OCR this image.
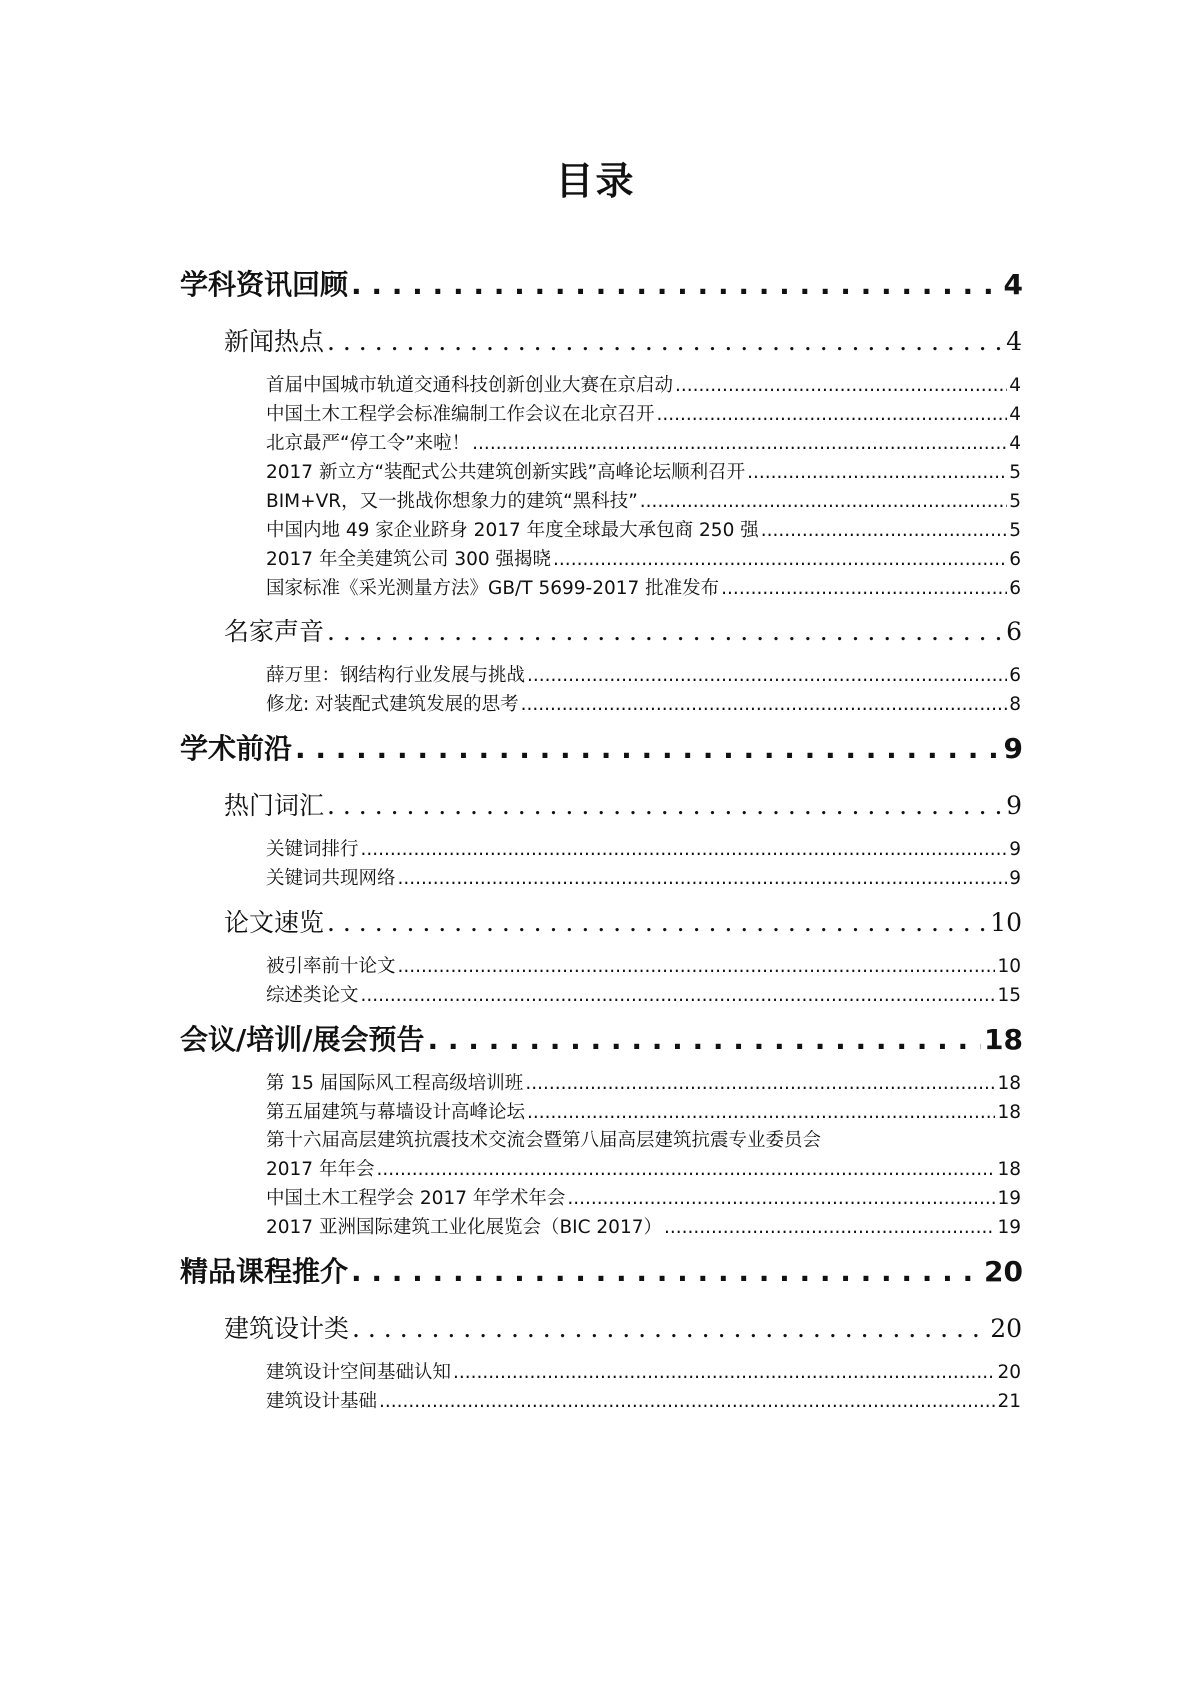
目录
学科资讯回顾 . . .	4
新闻热点 . . .	4
首届中国城市轨道交通科技创新创业大赛在京启动 .....	4
中国土木工程学会标准编制工作会议在北京召开 .....	4
北京最严“停工令”来啦！ .....	4
2017 新立方“装配式公共建筑创新实践”高峰论坛顺利召开 .....	5
BIM+VR，又一挑战你想象力的建筑“黑科技” .....	5
中国内地 49 家企业跻身 2017 年度全球最大承包商 250 强 .....	5
2017 年全美建筑公司 300 强揭晓 .....	6
国家标准《采光测量方法》GB/T 5699-2017 批准发布 .....	6
名家声音 . . .	6
薛万里：钢结构行业发展与挑战 .....	6
修龙: 对装配式建筑发展的思考 .....	8
学术前沿 . . .	9
热门词汇 . . .	9
关键词排行 .....	9
关键词共现网络 .....	9
论文速览 . . .	10
被引率前十论文 .....	10
综述类论文 .....	15
会议/培训/展会预告 . . .	18
第 15 届国际风工程高级培训班 .....	18
第五届建筑与幕墙设计高峰论坛 .....	18
第十六届高层建筑抗震技术交流会暨第八届高层建筑抗震专业委员会
2017 年年会 .....	18
中国土木工程学会 2017 年学术年会 .....	19
2017 亚洲国际建筑工业化展览会（BIC 2017） .....	19
精品课程推介 . . .	20
建筑设计类 . . .	20
建筑设计空间基础认知 .....	20
建筑设计基础 .....	21
